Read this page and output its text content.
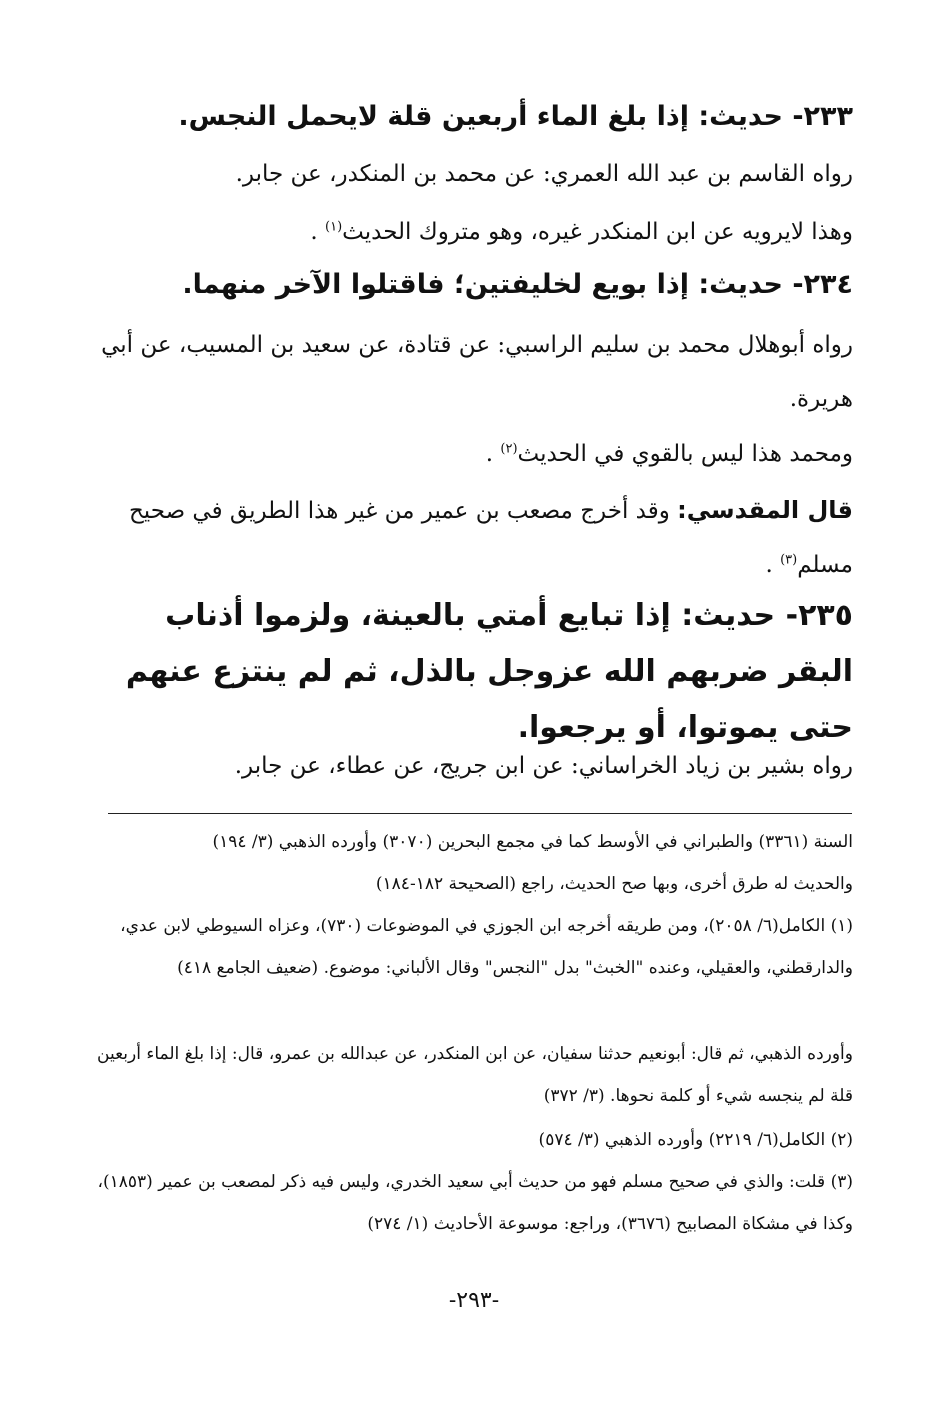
٢٣٣- حديث: إذا بلغ الماء أربعين قلة لايحمل النجس.

رواه القاسم بن عبد الله العمري: عن محمد بن المنكدر، عن جابر.

وهذا لايرويه عن ابن المنكدر غيره، وهو متروك الحديث$^{(١)}$ .

٢٣٤- حديث: إذا بويع لخليفتين؛ فاقتلوا الآخر منهما.

رواه أبوهلال محمد بن سليم الراسبي: عن قتادة، عن سعيد بن المسيب، عن أبي هريرة.

ومحمد هذا ليس بالقوي في الحديث$^{(٢)}$ .

قال المقدسي: وقد أخرج مصعب بن عمير من غير هذا الطريق في صحيح مسلم$^{(٣)}$ .

٢٣٥- حديث: إذا تبايع أمتي بالعينة، ولزموا أذناب البقر ضربهم الله عزوجل بالذل، ثم لم ينتزع عنهم حتى يموتوا، أو يرجعوا.

رواه بشير بن زياد الخراساني: عن ابن جريج، عن عطاء، عن جابر.

السنة (٣٣٦١) والطبراني في الأوسط كما في مجمع البحرين (٣٠٧٠) وأورده الذهبي (٣/ ١٩٤)

والحديث له طرق أخرى، وبها صح الحديث، راجع (الصحيحة ١٨٢-١٨٤)

(١) الكامل(٦/ ٢٠٥٨)، ومن طريقه أخرجه ابن الجوزي في الموضوعات (٧٣٠)، وعزاه السيوطي لابن عدي، والدارقطني، والعقيلي، وعنده "الخبث" بدل "النجس" وقال الألباني: موضوع. (ضعيف الجامع ٤١٨)

وأورده الذهبي، ثم قال: أبونعيم حدثنا سفيان، عن ابن المنكدر، عن عبدالله بن عمرو، قال: إذا بلغ الماء أربعين قلة لم ينجسه شيء أو كلمة نحوها. (٣/ ٣٧٢)

(٢) الكامل(٦/ ٢٢١٩) وأورده الذهبي (٣/ ٥٧٤)

(٣) قلت: والذي في صحيح مسلم فهو من حديث أبي سعيد الخدري، وليس فيه ذكر لمصعب بن عمير (١٨٥٣)، وكذا في مشكاة المصابيح (٣٦٧٦)، وراجع: موسوعة الأحاديث (١/ ٢٧٤)

-٢٩٣-
